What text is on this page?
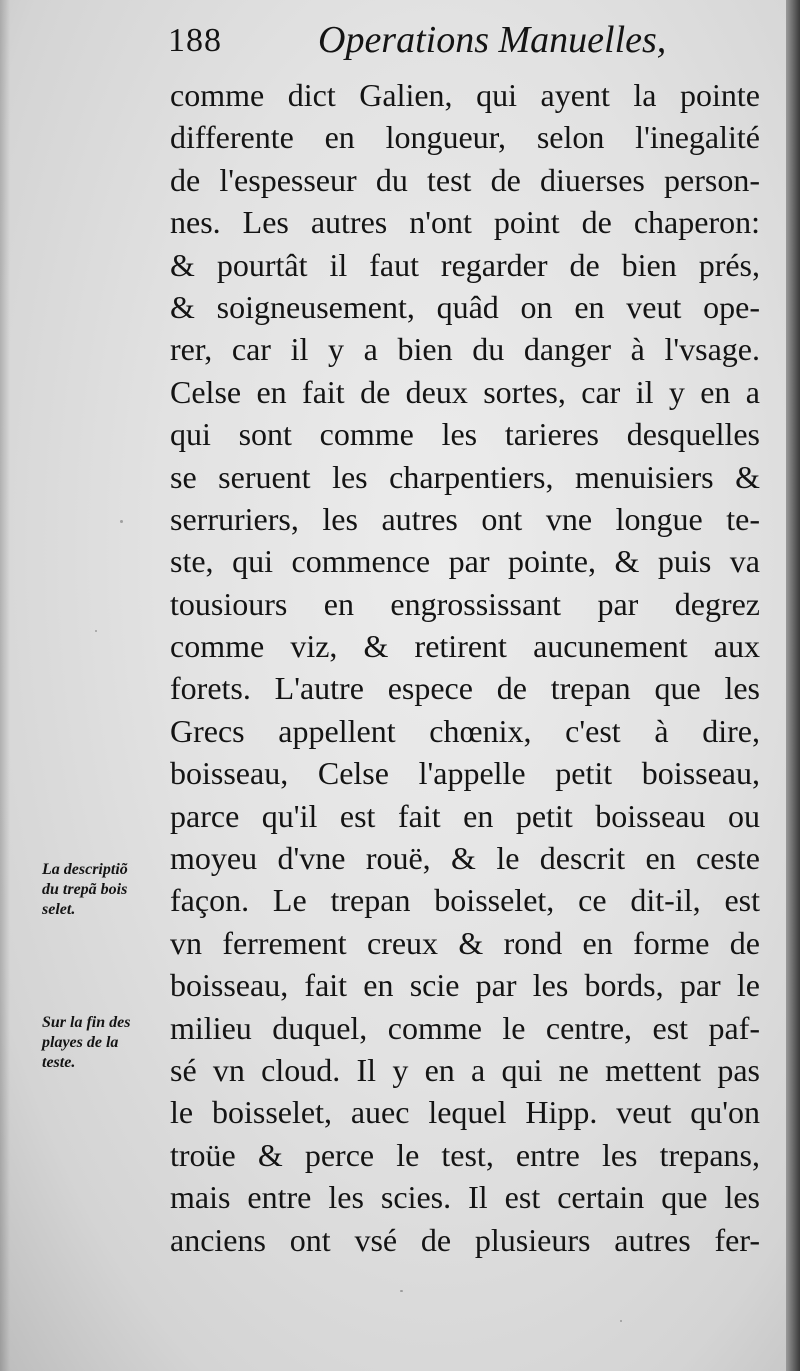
188	Operations Manuelles,
comme dict Galien, qui ayent la pointe
differente en longueur, selon l'inegalité
de l'espesseur du test de diuerses person-
nes. Les autres n'ont point de chaperon:
& pourtât il faut regarder de bien prés,
& soigneusement, quâd on en veut ope-
rer, car il y a bien du danger à l'vsage.
Celse en fait de deux sortes, car il y en a
qui sont comme les tarieres desquelles
se seruent les charpentiers, menuisiers &
serruriers, les autres ont vne longue te-
ste, qui commence par pointe, & puis va
tousiours en engrossissant par degrez
comme viz, & retirent aucunement aux
forets. L'autre espece de trepan que les
Grecs appellent chœnix, c'est à dire,
boisseau, Celse l'appelle petit boisseau,
parce qu'il est fait en petit boisseau ou
moyeu d'vne rouë, & le descrit en ceste
façon. Le trepan boisselet, ce dit-il, est
vn ferrement creux & rond en forme de
boisseau, fait en scie par les bords, par le
milieu duquel, comme le centre, est paf-
sé vn cloud. Il y en a qui ne mettent pas
le boisselet, auec lequel Hipp. veut qu'on
troüe & perce le test, entre les trepans,
mais entre les scies. Il est certain que les
anciens ont vsé de plusieurs autres fer-
La descriptiõ
du trepã bois
selet.
Sur la fin des
playes de la
teste.
